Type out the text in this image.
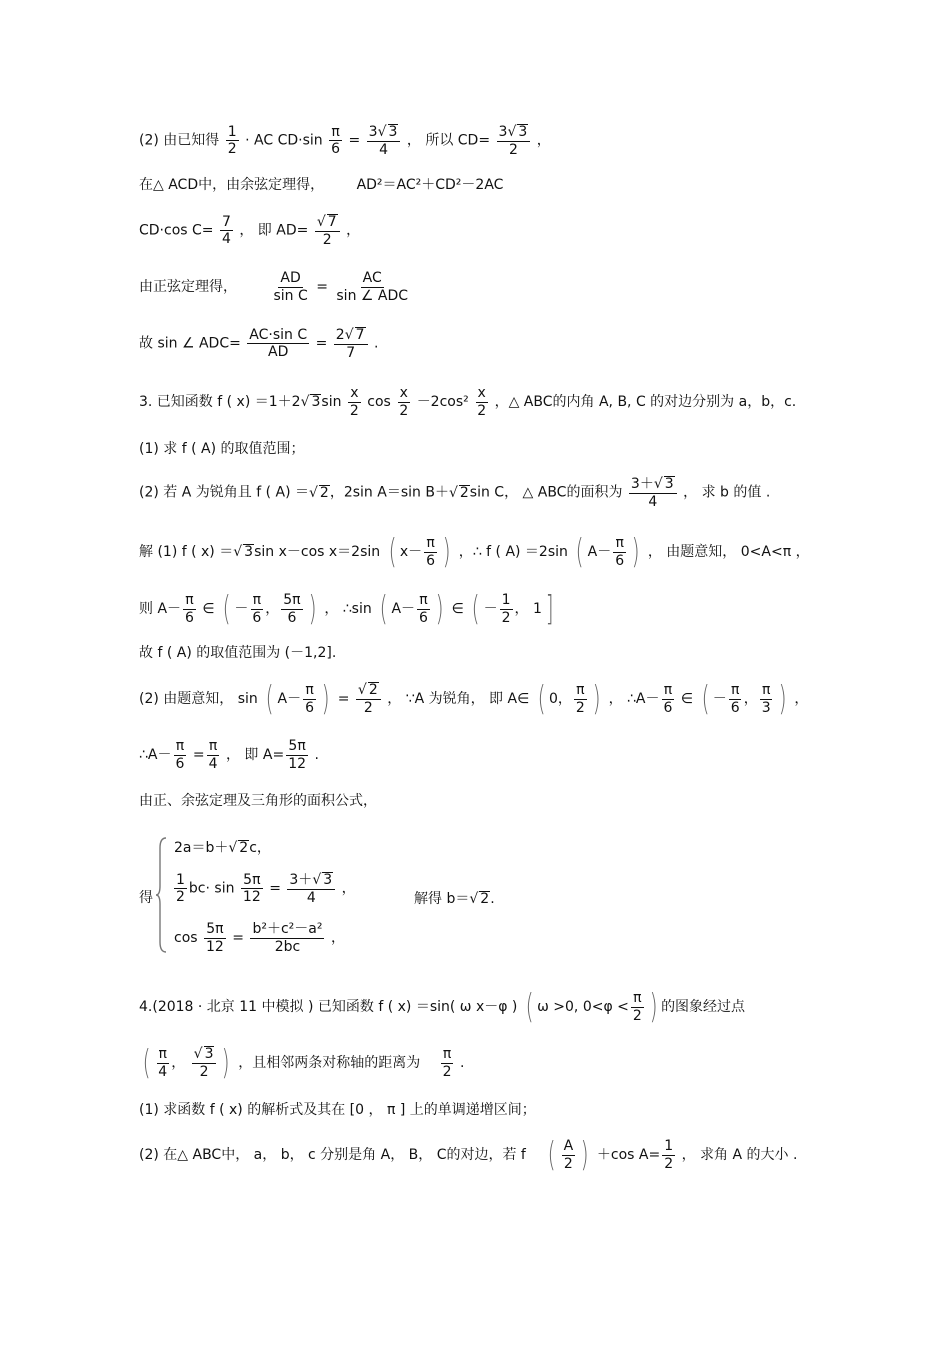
(2) 由已知得 $\frac{1}{2}$ · AC $CD\cdot\sin \frac{\pi}{6} = \frac{3√ 3}{4}$ ， 所以 $CD= \frac{3√ 3}{2}$ ，
在△ ACD中，由余弦定理得， AD²＝AC²＋CD²－2AC
CD·cos $C= \frac{7}{4}$ ， 即 $AD= \frac{√ 7}{2}$ ，
由正弦定理得， $\frac{AD}{\text{sin C}} = \frac{AC}{\text{sin ∠ ADC}}$
故 sin ∠ $ADC= \frac{\text{AC·sin C}}{AD} = \frac{2√ 7}{7}$ .
3. 已知函数 f ( x) ＝1＋2√ $3\sin \frac{x}{2}$ $\cos \frac{x}{2} -2\cos^2 \frac{x}{2}$ ，△ ABC的内角 A, B, C 的对边分别为 a，b，c.
(1) 求 f ( A) 的取值范围；
(2) 若 A 为锐角且 f ( A) ＝√ 2，2sin A＝sin B＋√ 2sin C， △ ABC的面积为 $\frac{3+√ 3}{4}$ ， 求 b 的值 .
解 (1) f ( x) ＝√ 3sin x－cos x＝2sin ( $x- \frac{\pi}{6}$ ) ，∴ f ( A) ＝2sin ( $A- \frac{\pi}{6}$ ) ， 由题意知， 0<A<π ，
则 $A- \frac{\pi}{6}$ ∈ ( － $\frac{\pi}{6}$ ， $\frac{5\pi}{6}$ ) ， ∴sin ( $A- \frac{\pi}{6}$ ) ∈ ( － $\frac{1}{2}$ ， 1 ]
故 f ( A) 的取值范围为 (－1,2].
(2) 由题意知， sin ( $A- \frac{\pi}{6}$ ) = $\frac{√ 2}{2}$ ， ∵A 为锐角， 即 A∈ ( 0， $\frac{\pi}{2}$ ) ， ∴A－ $\frac{\pi}{6}$ ∈ ( － $\frac{\pi}{6}$ ， $\frac{\pi}{3}$ ) ，
∴A－ $\frac{\pi}{6} = \frac{\pi}{4}$ ， 即 $A= \frac{5\pi}{12}$ .
由正、余弦定理及三角形的面积公式，
2a＝b＋√ 2c，
得 $\frac{1}{2} bc\cdot \sin \frac{5\pi}{12} = \frac{3+√ 3}{4}$ ，
解得 b＝√ 2.
$\cos \frac{5\pi}{12} = \frac{\text{b²＋c²－a²}}{2bc}$ ，
4.(2018 · 北京 11 中模拟 ) 已知函数 f ( x) ＝sin( ω x－φ ) ( ω >0, $0<\varphi < \frac{\pi}{2}$ ) 的图象经过点
( $\frac{\pi}{4}$ ， $\frac{√ 3}{2}$ ) ，且相邻两条对称轴的距离为 $\frac{\pi}{2}$ .
(1) 求函数 f ( x) 的解析式及其在 [0 ， π ] 上的单调递增区间；
(2) 在△ ABC中， a， b， c 分别是角 A， B， C的对边，若 f ( $\frac{A}{2}$ ) ＋cos $A= \frac{1}{2}$ ， 求角 A 的大小 .
